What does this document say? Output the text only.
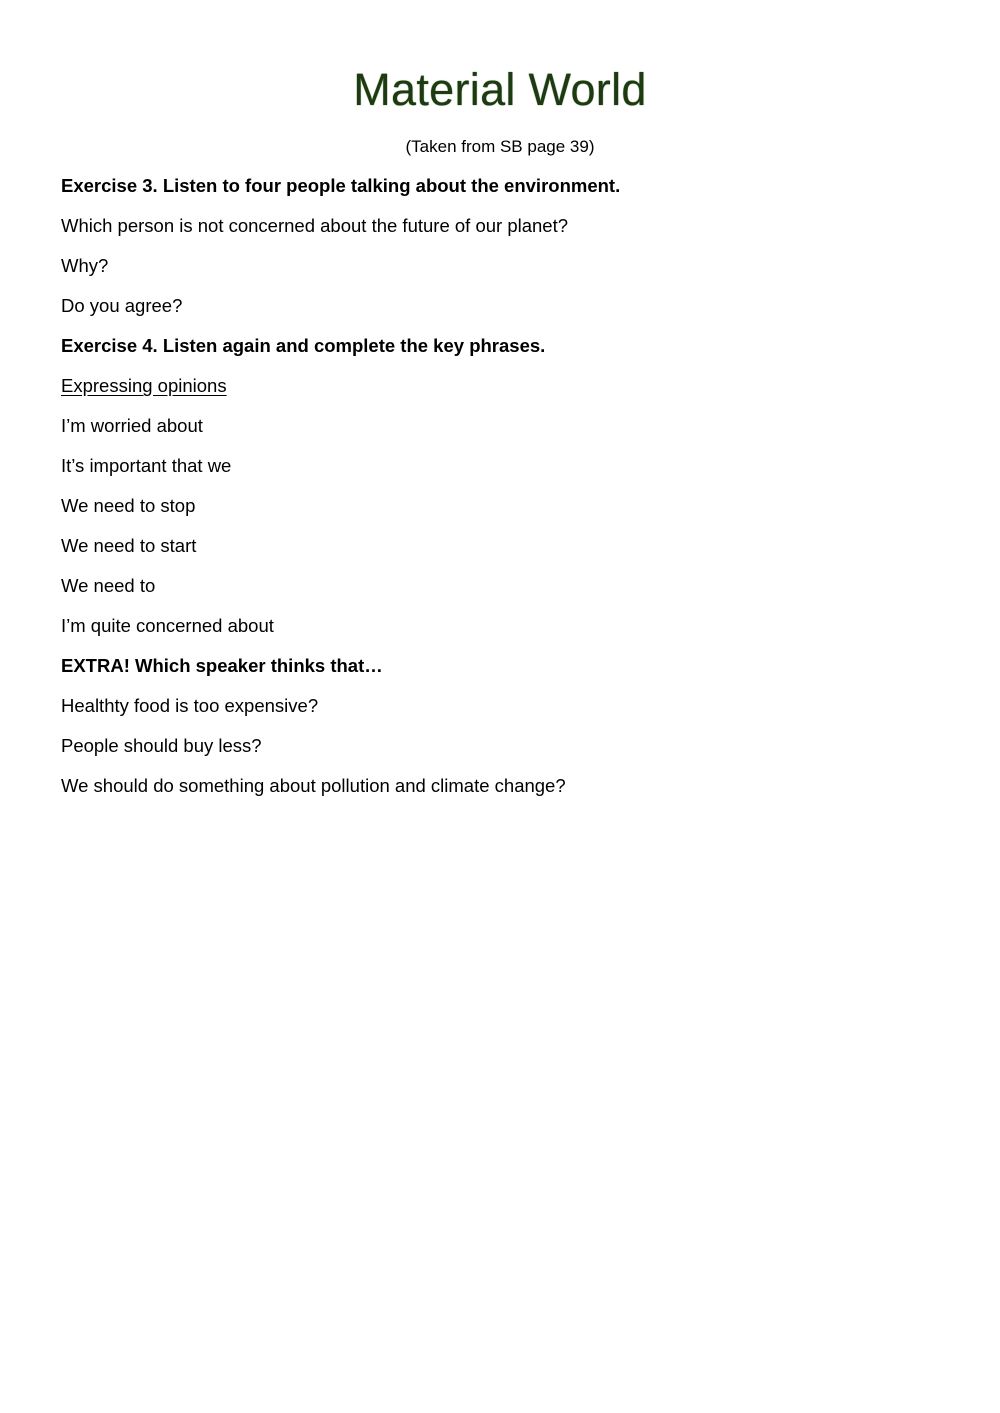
Material World
(Taken from SB page 39)
Exercise 3. Listen to four people talking about the environment.
Which person is not concerned about the future of our planet?
Why?
Do you agree?
Exercise 4. Listen again and complete the key phrases.
Expressing opinions
I’m worried about
It’s important that we
We need to stop
We need to start
We need to
I’m quite concerned about
EXTRA! Which speaker thinks that…
Healthty food is too expensive?
People should buy less?
We should do something about pollution and climate change?
